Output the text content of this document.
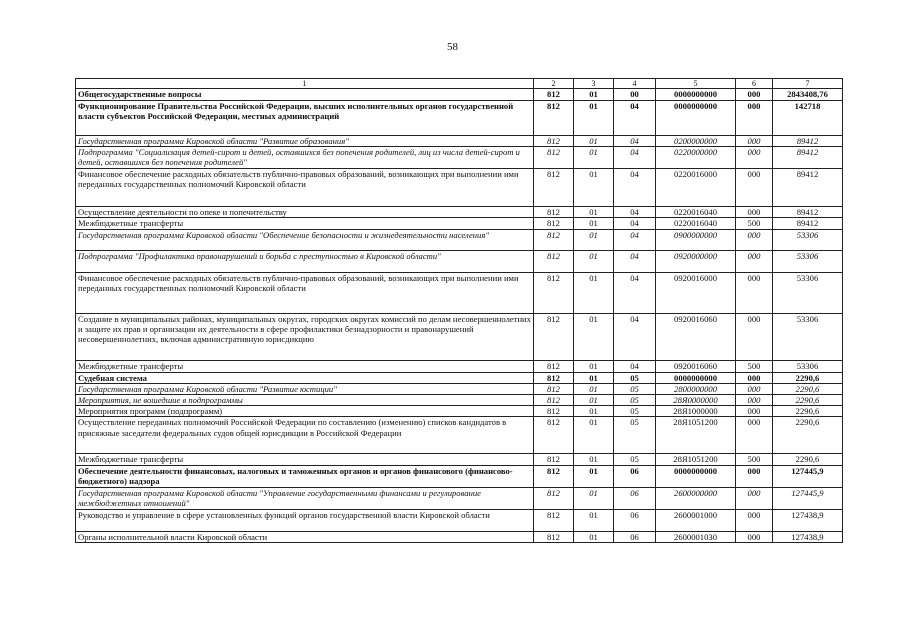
58
1	2	3	4	5	6	7
Общегосударственные вопросы	812	01	00	0000000000	000	2843408,76
Функционирование Правительства Российской Федерации, высших исполнительных органов государственной власти субъектов Российской Федерации, местных администраций	812	01	04	0000000000	000	142718
Государственная программа Кировской области "Развитие образования"	812	01	04	0200000000	000	89412
Подпрограмма "Социализация детей-сирот и детей, оставшихся без попечения родителей, лиц из числа детей-сирот и детей, оставшихся без попечения родителей"	812	01	04	0220000000	000	89412
Финансовое обеспечение расходных обязательств публично-правовых образований, возникающих при выполнении ими переданных государственных полномочий Кировской области	812	01	04	0220016000	000	89412
Осуществление деятельности по опеке и попечительству	812	01	04	0220016040	000	89412
Межбюджетные трансферты	812	01	04	0220016040	500	89412
Государственная программа Кировской области "Обеспечение безопасности и жизнедеятельности населения"	812	01	04	0900000000	000	53306
Подпрограмма "Профилактика правонарушений и борьба с преступностью в Кировской области"	812	01	04	0920000000	000	53306
Финансовое обеспечение расходных обязательств публично-правовых образований, возникающих при выполнении ими переданных государственных полномочий Кировской области	812	01	04	0920016000	000	53306
Создание в муниципальных районах, муниципальных округах, городских округах комиссий по делам несовершеннолетних и защите их прав и организации их деятельности в сфере профилактики безнадзорности и правонарушений несовершеннолетних, включая административную юрисдикцию	812	01	04	0920016060	000	53306
Межбюджетные трансферты	812	01	04	0920016060	500	53306
Судебная система	812	01	05	0000000000	000	2290,6
Государственная программа Кировской области "Развитие юстиции"	812	01	05	2800000000	000	2290,6
Мероприятия, не вошедшие в подпрограммы	812	01	05	28Я0000000	000	2290,6
Мероприятия программ (подпрограмм)	812	01	05	28Я1000000	000	2290,6
Осуществление переданных полномочий Российской Федерации по составлению (изменению) списков кандидатов в присяжные заседатели федеральных судов общей юрисдикции в Российской Федерации	812	01	05	28Я1051200	000	2290,6
Межбюджетные трансферты	812	01	05	28Я1051200	500	2290,6
Обеспечение деятельности финансовых, налоговых и таможенных органов и органов финансового (финансово-бюджетного) надзора	812	01	06	0000000000	000	127445,9
Государственная программа Кировской области "Управление государственными финансами и регулирование межбюджетных отношений"	812	01	06	2600000000	000	127445,9
Руководство и управление в сфере установленных функций органов государственной власти Кировской области	812	01	06	2600001000	000	127438,9
Органы исполнительной власти Кировской области	812	01	06	2600001030	000	127438,9
